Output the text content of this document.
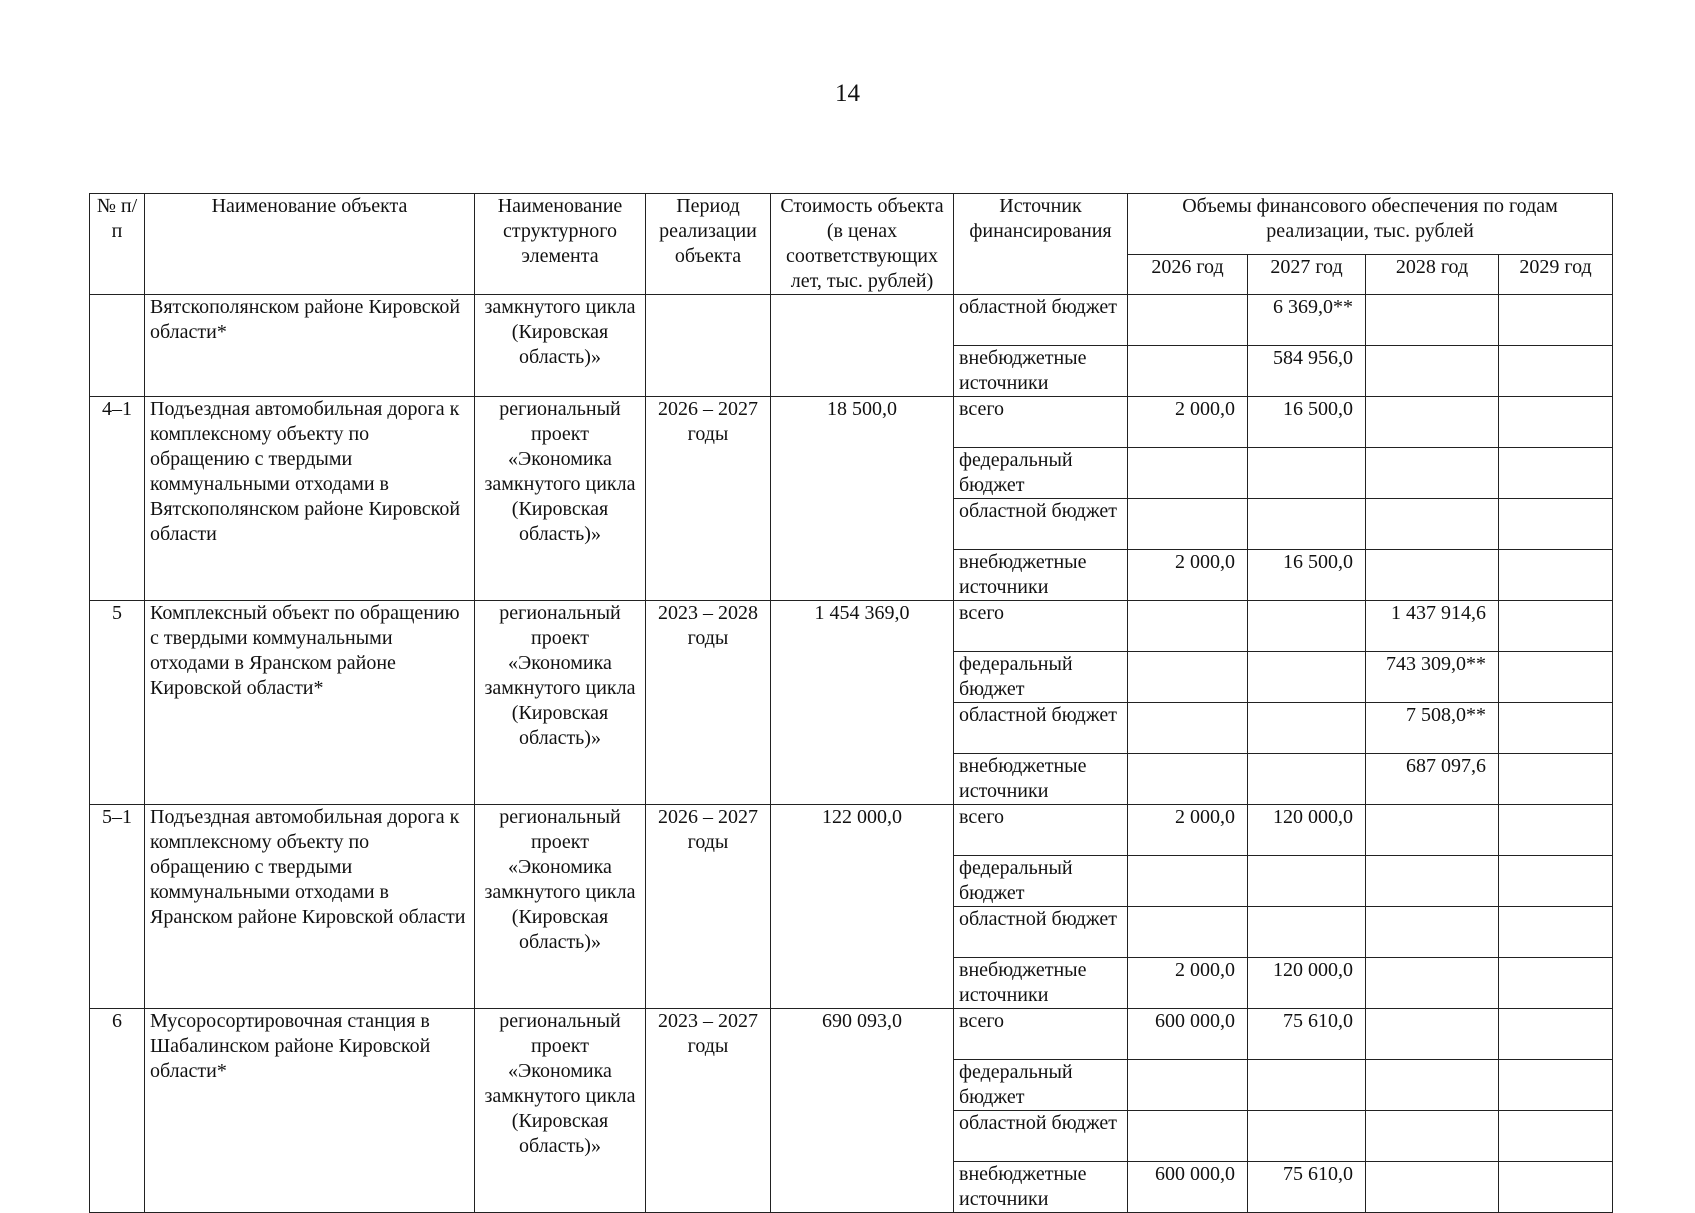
14
№ п/п	Наименование объекта	Наименование структурного элемента	Период реализации объекта	Стоимость объекта (в ценах соответствующих лет, тыс. рублей)	Источник финансирования	Объемы финансового обеспечения по годам реализации, тыс. рублей			
						2026 год	2027 год	2028 год	2029 год
	Вятскополянском районе Кировской области*	замкнутого цикла (Кировская область)»			областной бюджет		6 369,0**		
					внебюджетные источники		584 956,0		
4–1	Подъездная автомобильная дорога к комплексному объекту по обращению с твердыми коммунальными отходами в Вятскополянском районе Кировской области	региональный проект «Экономика замкнутого цикла (Кировская область)»	2026 – 2027 годы	18 500,0	всего	2 000,0	16 500,0		
					федеральный бюджет				
					областной бюджет				
					внебюджетные источники	2 000,0	16 500,0		
5	Комплексный объект по обращению с твердыми коммунальными отходами в Яранском районе Кировской области*	региональный проект «Экономика замкнутого цикла (Кировская область)»	2023 – 2028 годы	1 454 369,0	всего			1 437 914,6	
					федеральный бюджет			743 309,0**	
					областной бюджет			7 508,0**	
					внебюджетные источники			687 097,6	
5–1	Подъездная автомобильная дорога к комплексному объекту по обращению с твердыми коммунальными отходами в Яранском районе Кировской области	региональный проект «Экономика замкнутого цикла (Кировская область)»	2026 – 2027 годы	122 000,0	всего	2 000,0	120 000,0		
					федеральный бюджет				
					областной бюджет				
					внебюджетные источники	2 000,0	120 000,0		
6	Мусоросортировочная станция в Шабалинском районе Кировской области*	региональный проект «Экономика замкнутого цикла (Кировская область)»	2023 – 2027 годы	690 093,0	всего	600 000,0	75 610,0		
					федеральный бюджет				
					областной бюджет				
					внебюджетные источники	600 000,0	75 610,0		
